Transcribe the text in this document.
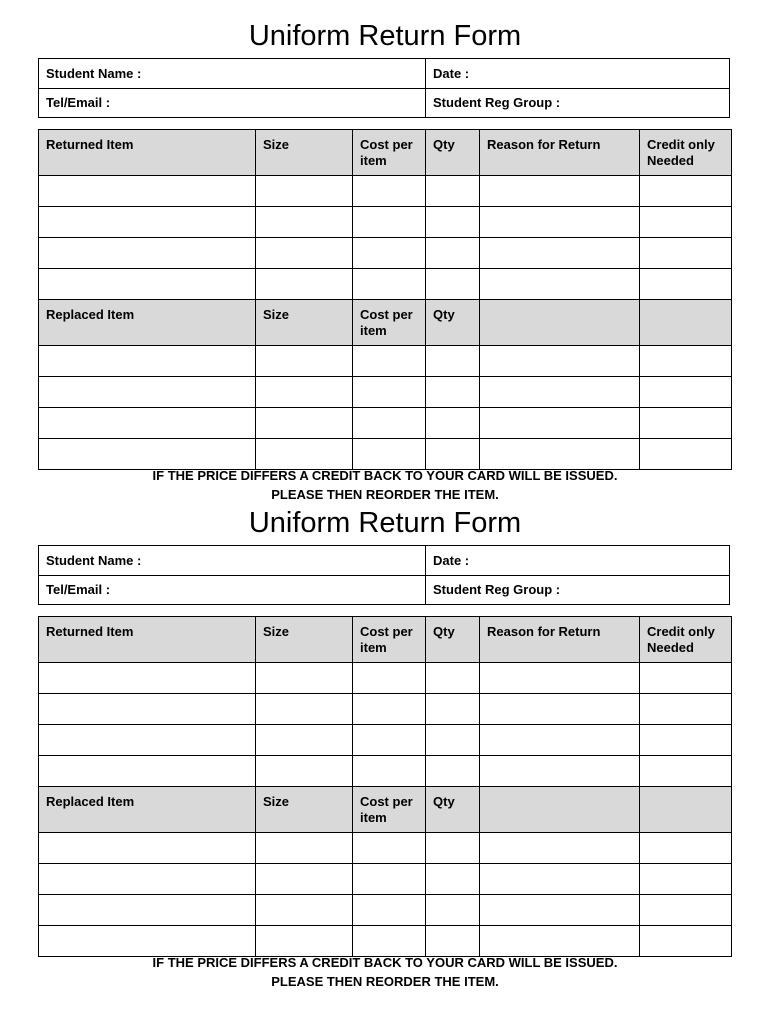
Uniform Return Form
Student Name :	Date :
Tel/Email :	Student Reg Group :
Returned Item	Size	Cost per item	Qty	Reason for Return	Credit only Needed

Replaced Item	Size	Cost per item	Qty		

IF THE PRICE DIFFERS A CREDIT BACK TO YOUR CARD WILL BE ISSUED.
PLEASE THEN REORDER THE ITEM.
Uniform Return Form
Student Name :	Date :
Tel/Email :	Student Reg Group :
Returned Item	Size	Cost per item	Qty	Reason for Return	Credit only Needed

Replaced Item	Size	Cost per item	Qty		

IF THE PRICE DIFFERS A CREDIT BACK TO YOUR CARD WILL BE ISSUED.
PLEASE THEN REORDER THE ITEM.
